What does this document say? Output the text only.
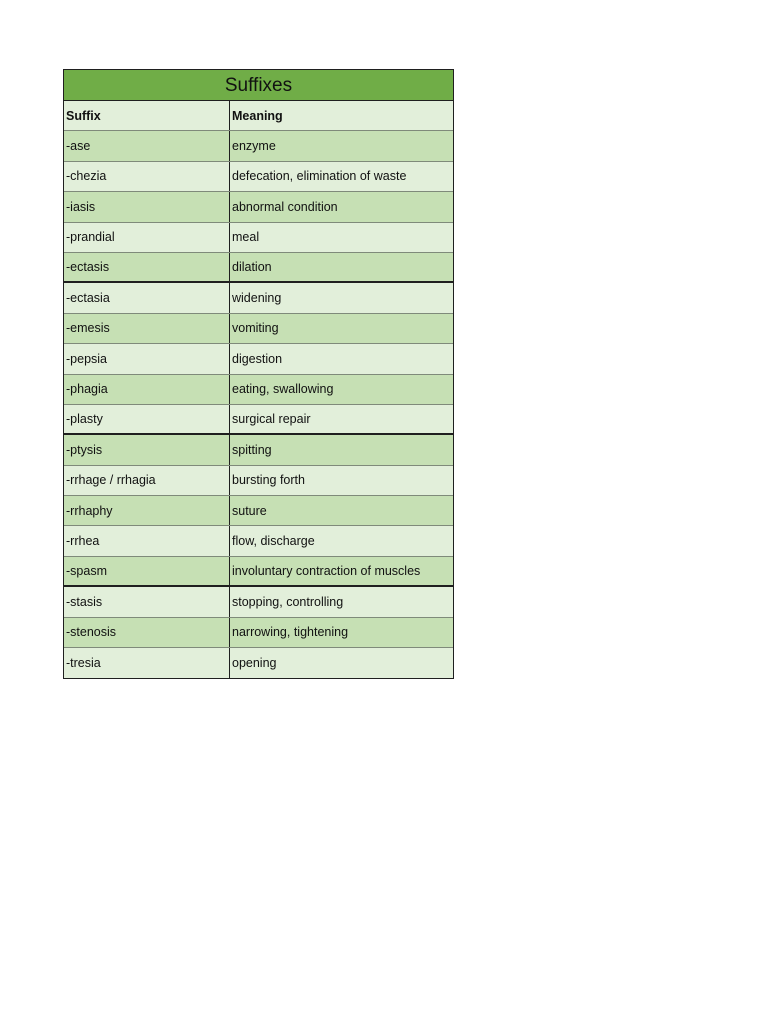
Suffixes
Suffix	Meaning
-ase	enzyme
-chezia	defecation, elimination of waste
-iasis	abnormal condition
-prandial	meal
-ectasis	dilation
-ectasia	widening
-emesis	vomiting
-pepsia	digestion
-phagia	eating, swallowing
-plasty	surgical repair
-ptysis	spitting
-rrhage / rrhagia	bursting forth
-rrhaphy	suture
-rrhea	flow, discharge
-spasm	involuntary contraction of muscles
-stasis	stopping, controlling
-stenosis	narrowing, tightening
-tresia	opening
